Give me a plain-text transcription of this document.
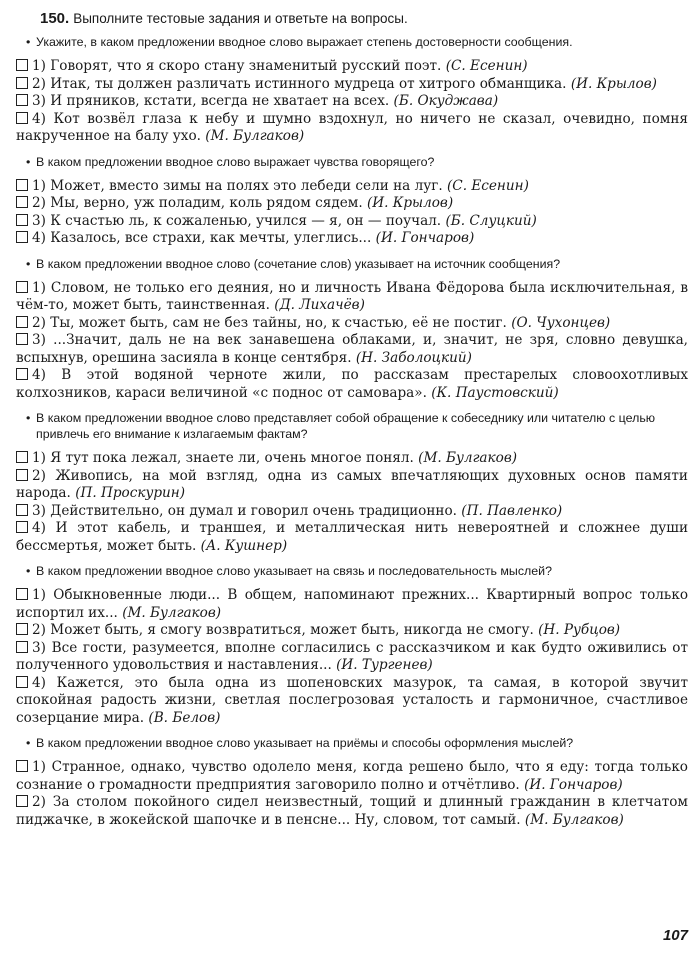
150. Выполните тестовые задания и ответьте на вопросы.
• Укажите, в каком предложении вводное слово выражает степень достоверности сообщения.

1) Говорят, что я скоро стану знаменитый русский поэт. (С. Есенин)

2) Итак, ты должен различать истинного мудреца от хитрого обманщика. (И. Крылов)

3) И пряников, кстати, всегда не хватает на всех. (Б. Окуджава)

4) Кот возвёл глаза к небу и шумно вздохнул, но ничего не сказал, очевидно, помня накрученное на балу ухо. (М. Булгаков)

• В каком предложении вводное слово выражает чувства говорящего?

1) Может, вместо зимы на полях это лебеди сели на луг. (С. Есенин)

2) Мы, верно, уж поладим, коль рядом сядем. (И. Крылов)

3) К счастью ль, к сожаленью, учился — я, он — поучал. (Б. Слуцкий)

4) Казалось, все страхи, как мечты, улеглись... (И. Гончаров)

• В каком предложении вводное слово (сочетание слов) указывает на источник сообщения?

1) Словом, не только его деяния, но и личность Ивана Фёдорова была исключительная, в чём-то, может быть, таинственная. (Д. Лихачёв)

2) Ты, может быть, сам не без тайны, но, к счастью, её не постиг. (О. Чухонцев)

3) ...Значит, даль не на век занавешена облаками, и, значит, не зря, словно девушка, вспыхнув, орешина засияла в конце сентября. (Н. Заболоцкий)

4) В этой водяной черноте жили, по рассказам престарелых словоохотливых колхозников, караси величиной «с поднос от самовара». (К. Паустовский)

• В каком предложении вводное слово представляет собой обращение к собеседнику или читателю с целью привлечь его внимание к излагаемым фактам?

1) Я тут пока лежал, знаете ли, очень многое понял. (М. Булгаков)

2) Живопись, на мой взгляд, одна из самых впечатляющих духовных основ памяти народа. (П. Проскурин)

3) Действительно, он думал и говорил очень традиционно. (П. Павленко)

4) И этот кабель, и траншея, и металлическая нить невероятней и сложнее души бессмертья, может быть. (А. Кушнер)

• В каком предложении вводное слово указывает на связь и последовательность мыслей?

1) Обыкновенные люди... В общем, напоминают прежних... Квартирный вопрос только испортил их... (М. Булгаков)

2) Может быть, я смогу возвратиться, может быть, никогда не смогу. (Н. Рубцов)

3) Все гости, разумеется, вполне согласились с рассказчиком и как будто оживились от полученного удовольствия и наставления... (И. Тургенев)

4) Кажется, это была одна из шопеновских мазурок, та самая, в которой звучит спокойная радость жизни, светлая послегрозовая усталость и гармоничное, счастливое созерцание мира. (В. Белов)

• В каком предложении вводное слово указывает на приёмы и способы оформления мыслей?

1) Странное, однако, чувство одолело меня, когда решено было, что я еду: тогда только сознание о громадности предприятия заговорило полно и отчётливо. (И. Гончаров)

2) За столом покойного сидел неизвестный, тощий и длинный гражданин в клетчатом пиджачке, в жокейской шапочке и в пенсне... Ну, словом, тот самый. (М. Булгаков)

107
